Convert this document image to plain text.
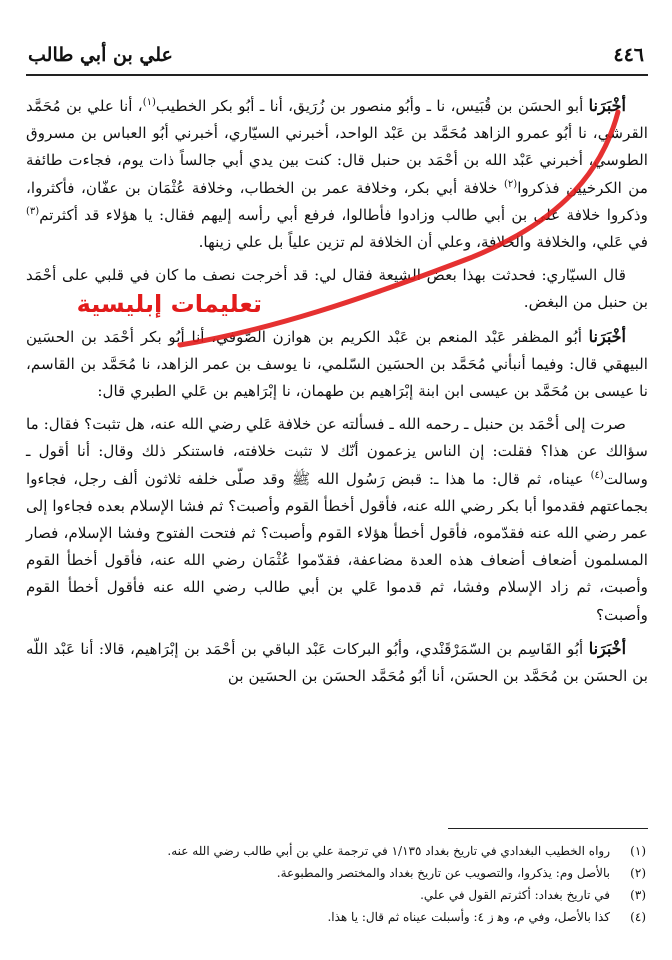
٤٤٦
علي بن أبي طالب

أخْبَرَنا أبو الحسَن بن قُبَيس، نا ـ وأبُو منصور بن زُرَيق، أنا ـ أبُو بكر الخطيب$^{(١)}$، أنا علي بن مُحَمَّد القرشي، نا أبُو عمرو الزاهد مُحَمَّد بن عَبْد الواحد، أخبرني السيّاري، أخبرني أبُو العباس بن مسروق الطوسي، أخبرني عَبْد الله بن أحْمَد بن حنبل قال: كنت بين يدي أبي جالساً ذات يوم، فجاءت طائفة من الكرخيين فذكروا$^{(٢)}$ خلافة أبي بكر، وخلافة عمر بن الخطاب، وخلافة عُثْمَان بن عفّان، فأكثروا، وذكروا خلافة عَلي بن أبي طالب وزادوا فأطالوا، فرفع أبي رأسه إليهم فقال: يا هؤلاء قد أكثرتم$^{(٣)}$ في عَلي، والخلافة والخلافة، وعلي أن الخلافة لم تزين علياً بل علي زينها.

قال السيّاري: فحدثت بهذا بعض الشيعة فقال لي: قد أخرجت نصف ما كان في قلبي على أحْمَد بن حنبل من البغض.

أخْبَرَنا أبُو المظفر عَبْد المنعم بن عَبْد الكريم بن هوازن الصّوفي، أنا أبُو بكر أحْمَد بن الحسَين البيهقي قال: وفيما أنبأني مُحَمَّد بن الحسَين السّلمي، نا يوسف بن عمر الزاهد، نا مُحَمَّد بن القاسم، نا عيسى بن مُحَمَّد بن عيسى ابن ابنة إبْرَاهيم بن طهمان، نا إبْرَاهيم بن عَلي الطبري قال:

صرت إلى أحْمَد بن حنبل ـ رحمه الله ـ فسألته عن خلافة عَلي رضي الله عنه، هل تثبت؟ فقال: ما سؤالك عن هذا؟ فقلت: إن الناس يزعمون أنّك لا تثبت خلافته، فاستنكر ذلك وقال: أنا أقول ـ وسالت$^{(٤)}$ عيناه، ثم قال: ما هذا ـ: قبض رَسُول الله ﷺ وقد صلّى خلفه ثلاثون ألف رجل، فجاءوا بجماعتهم فقدموا أبا بكر رضي الله عنه، فأقول أخطأ القوم وأصبت؟ ثم فشا الإسلام بعده فجاءوا إلى عمر رضي الله عنه فقدّموه، فأقول أخطأ هؤلاء القوم وأصبت؟ ثم فتحت الفتوح وفشا الإسلام، فصار المسلمون أضعاف أضعاف هذه العدة مضاعفة، فقدّموا عُثْمَان رضي الله عنه، فأقول أخطأ القوم وأصبت، ثم زاد الإسلام وفشا، ثم قدموا عَلي بن أبي طالب رضي الله عنه فأقول أخطأ القوم وأصبت؟

أخْبَرَنا أبُو القَاسِم بن السّمَرْقَنْدي، وأبُو البركات عَبْد الباقي بن أحْمَد بن إبْرَاهيم، قالا: أنا عَبْد اللّه بن الحسَن بن مُحَمَّد بن الحسَن، أنا أبُو مُحَمَّد الحسَن بن الحسَين بن

(١)
رواه الخطيب البغدادي في تاريخ بغداد ١/١٣٥ في ترجمة علي بن أبي طالب رضي الله عنه.
(٢)
بالأصل وم: يذكروا، والتصويب عن تاريخ بغداد والمختصر والمطبوعة.
(٣)
في تاريخ بغداد: أكثرتم القول في علي.
(٤)
كذا بالأصل، وفي م، وﻫ ز ٤: وأسبلت عيناه ثم قال: يا هذا.
تعليمات إبليسية
